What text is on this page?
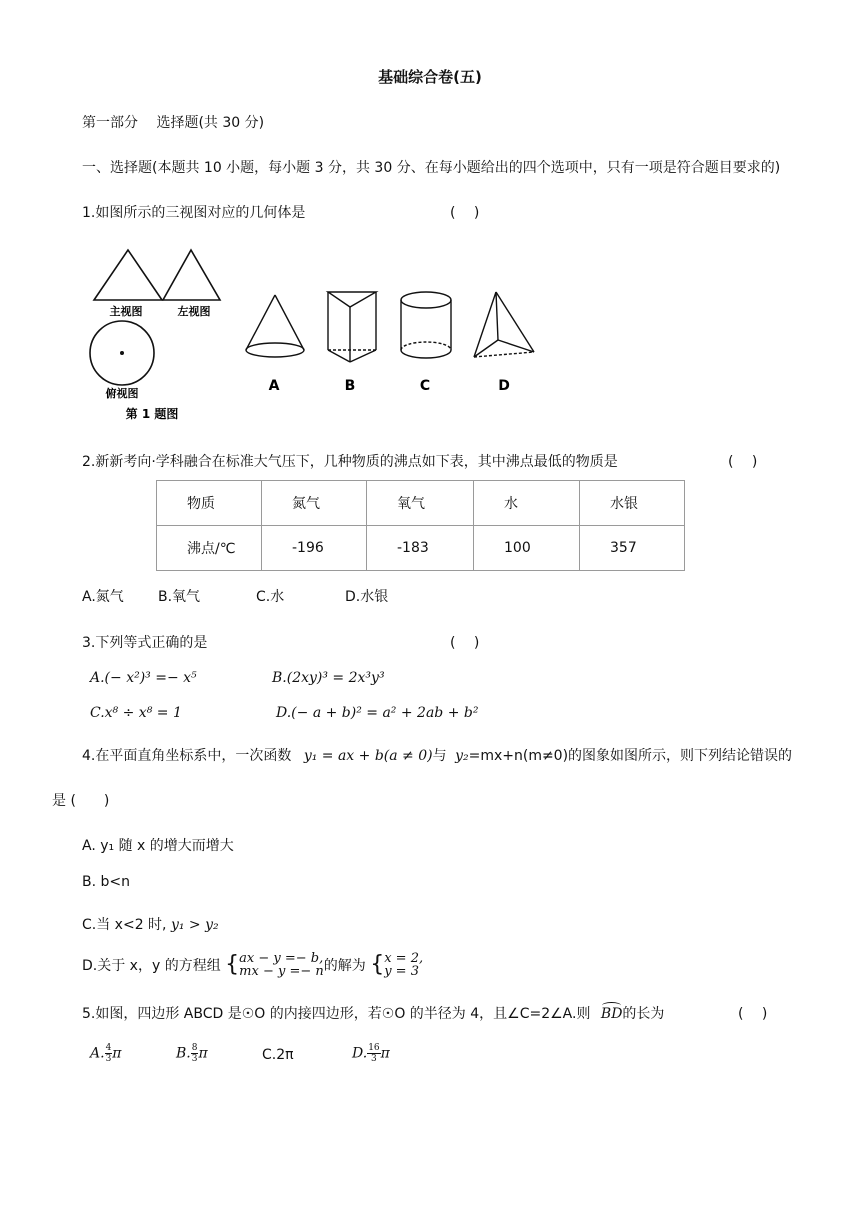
基础综合卷(五)
第一部分　 选择题(共 30 分)
一、选择题(本题共 10 小题，每小题 3 分，共 30 分、在每小题给出的四个选项中，只有一项是符合题目要求的)
1.如图所示的三视图对应的几何体是	(　 )
主视图	左视图
俯视图
第 1 题图
A	B	C	D
2.新新考向·学科融合在标准大气压下，几种物质的沸点如下表，其中沸点最低的物质是	(　 )
物质	氮气	氧气	水	水银
沸点/℃	-196	-183	100	357
A.氮气 B.氧气	C.水	D.水银
3.下列等式正确的是	(　 )
A.(− x²)³ =− x⁵	B.(2xy)³ = 2x³y³
C.x⁸ ÷ x⁸ = 1	D.(− a + b)² = a² + 2ab + b²
4.在平面直角坐标系中，一次函数 y₁ = ax + b(a ≠ 0)与 y₂=mx+n(m≠0)的图象如图所示，则下列结论错误的
是 (　　)
A. y₁ 随 x 的增大而增大
B. b<n
C.当 x<2 时, y₁ > y₂
D.关于 x，y 的方程组 { ax − y =− b,
mx − y =− n 的解为 { x = 2,
y = 3
5.如图，四边形 ABCD 是☉O 的内接四边形，若☉O 的半径为 4，且∠C=2∠A.则 BD的长为	(　 )
A. $\frac{4}{3}$ π	B. $\frac{8}{3}$ π	C.2π	D. $\frac{16}{3}$ π
